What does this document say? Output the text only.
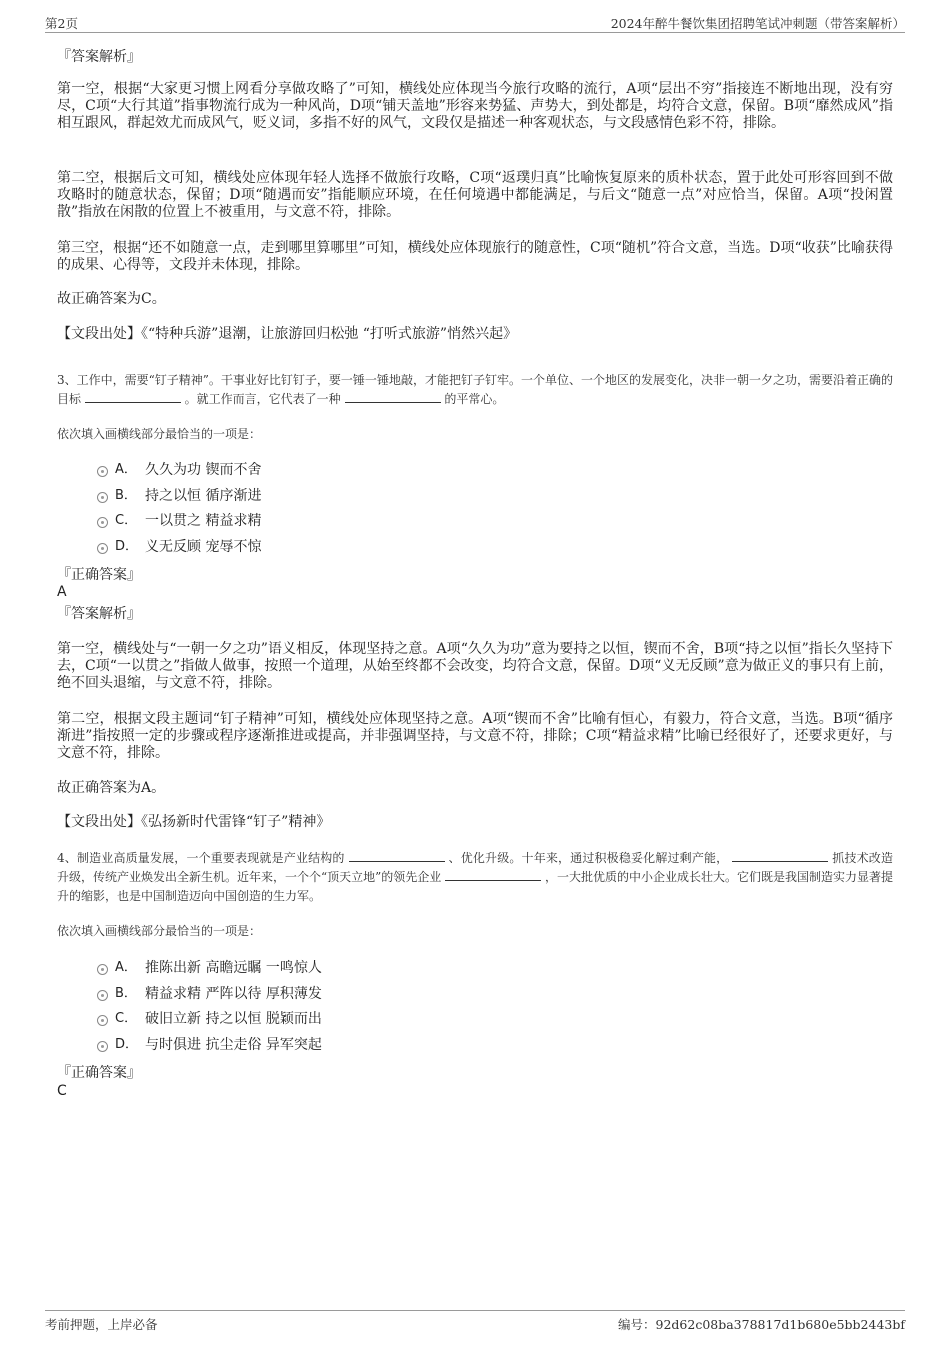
第2页	2024年醉牛餐饮集团招聘笔试冲刺题（带答案解析）
『答案解析』
第一空，根据“大家更习惯上网看分享做攻略了”可知，横线处应体现当今旅行攻略的流行，A项“层出不穷”指接连不断地出现，没有穷尽，C项“大行其道”指事物流行成为一种风尚，D项“铺天盖地”形容来势猛、声势大，到处都是，均符合文意，保留。B项“靡然成风”指相互跟风，群起效尤而成风气，贬义词，多指不好的风气，文段仅是描述一种客观状态，与文段感情色彩不符，排除。
第二空，根据后文可知，横线处应体现年轻人选择不做旅行攻略，C项“返璞归真”比喻恢复原来的质朴状态，置于此处可形容回到不做攻略时的随意状态，保留；D项“随遇而安”指能顺应环境，在任何境遇中都能满足，与后文“随意一点”对应恰当，保留。A项“投闲置散”指放在闲散的位置上不被重用，与文意不符，排除。
第三空，根据“还不如随意一点，走到哪里算哪里”可知，横线处应体现旅行的随意性，C项“随机”符合文意，当选。D项“收获”比喻获得的成果、心得等，文段并未体现，排除。
故正确答案为C。
【文段出处】《“特种兵游”退潮，让旅游回归松弛 “打听式旅游”悄然兴起》
3、工作中，需要“钉子精神”。干事业好比钉钉子，要一锤一锤地敲，才能把钉子钉牢。一个单位、一个地区的发展变化，决非一朝一夕之功，需要沿着正确的目标	。就工作而言，它代表了一种	的平常心。
依次填入画横线部分最恰当的一项是：
A． 久久为功 锲而不舍
B． 持之以恒 循序渐进
C． 一以贯之 精益求精
D． 义无反顾 宠辱不惊
『正确答案』
A
『答案解析』
第一空，横线处与“一朝一夕之功”语义相反，体现坚持之意。A项“久久为功”意为要持之以恒，锲而不舍，B项“持之以恒”指长久坚持下去，C项“一以贯之”指做人做事，按照一个道理，从始至终都不会改变，均符合文意，保留。D项“义无反顾”意为做正义的事只有上前，绝不回头退缩，与文意不符，排除。
第二空，根据文段主题词“钉子精神”可知，横线处应体现坚持之意。A项“锲而不舍”比喻有恒心，有毅力，符合文意，当选。B项“循序渐进”指按照一定的步骤或程序逐渐推进或提高，并非强调坚持，与文意不符，排除；C项“精益求精”比喻已经很好了，还要求更好，与文意不符，排除。
故正确答案为A。
【文段出处】《弘扬新时代雷锋“钉子”精神》
4、制造业高质量发展，一个重要表现就是产业结构的	、优化升级。十年来，通过积极稳妥化解过剩产能，	抓技术改造升级，传统产业焕发出全新生机。近年来，一个个“顶天立地”的领先企业	，一大批优质的中小企业成长壮大。它们既是我国制造实力显著提升的缩影，也是中国制造迈向中国创造的生力军。
依次填入画横线部分最恰当的一项是：
A． 推陈出新 高瞻远瞩 一鸣惊人
B． 精益求精 严阵以待 厚积薄发
C． 破旧立新 持之以恒 脱颖而出
D． 与时俱进 抗尘走俗 异军突起
『正确答案』
C
考前押题，上岸必备	编号：92d62c08ba378817d1b680e5bb2443bf
